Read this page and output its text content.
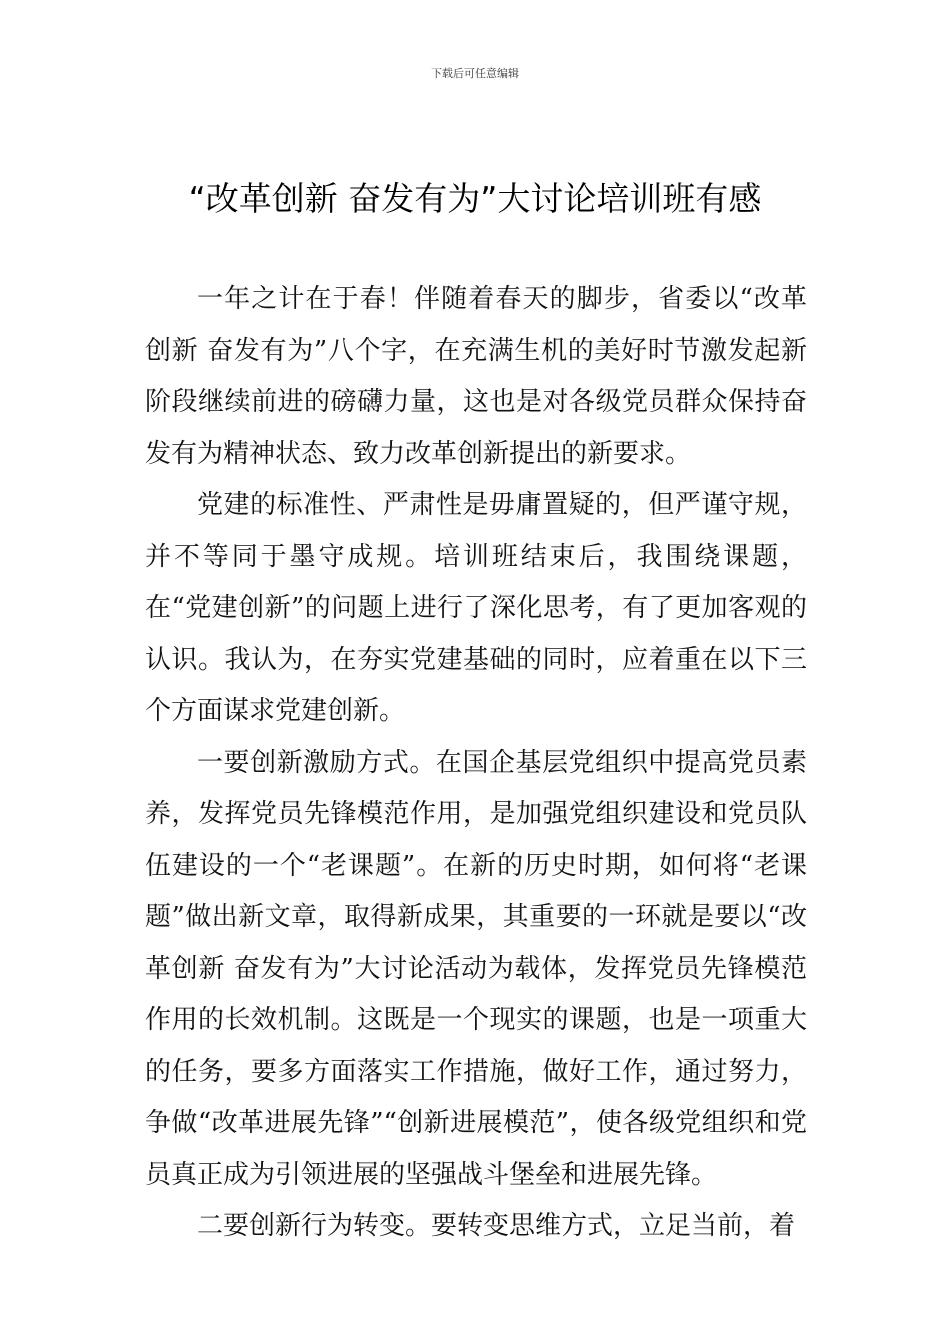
下载后可任意编辑
“改革创新 奋发有为”大讨论培训班有感

一年之计在于春！伴随着春天的脚步，省委以“改革创新 奋发有为”八个字，在充满生机的美好时节激发起新阶段继续前进的磅礴力量，这也是对各级党员群众保持奋发有为精神状态、致力改革创新提出的新要求。

党建的标准性、严肃性是毋庸置疑的，但严谨守规，并不等同于墨守成规。培训班结束后，我围绕课题，在“党建创新”的问题上进行了深化思考，有了更加客观的认识。我认为，在夯实党建基础的同时，应着重在以下三个方面谋求党建创新。

一要创新激励方式。在国企基层党组织中提高党员素养，发挥党员先锋模范作用，是加强党组织建设和党员队伍建设的一个“老课题”。在新的历史时期，如何将“老课题”做出新文章，取得新成果，其重要的一环就是要以“改革创新 奋发有为”大讨论活动为载体，发挥党员先锋模范作用的长效机制。这既是一个现实的课题，也是一项重大的任务，要多方面落实工作措施，做好工作，通过努力，争做“改革进展先锋”“创新进展模范”，使各级党组织和党员真正成为引领进展的坚强战斗堡垒和进展先锋。

二要创新行为转变。要转变思维方式，立足当前，着
